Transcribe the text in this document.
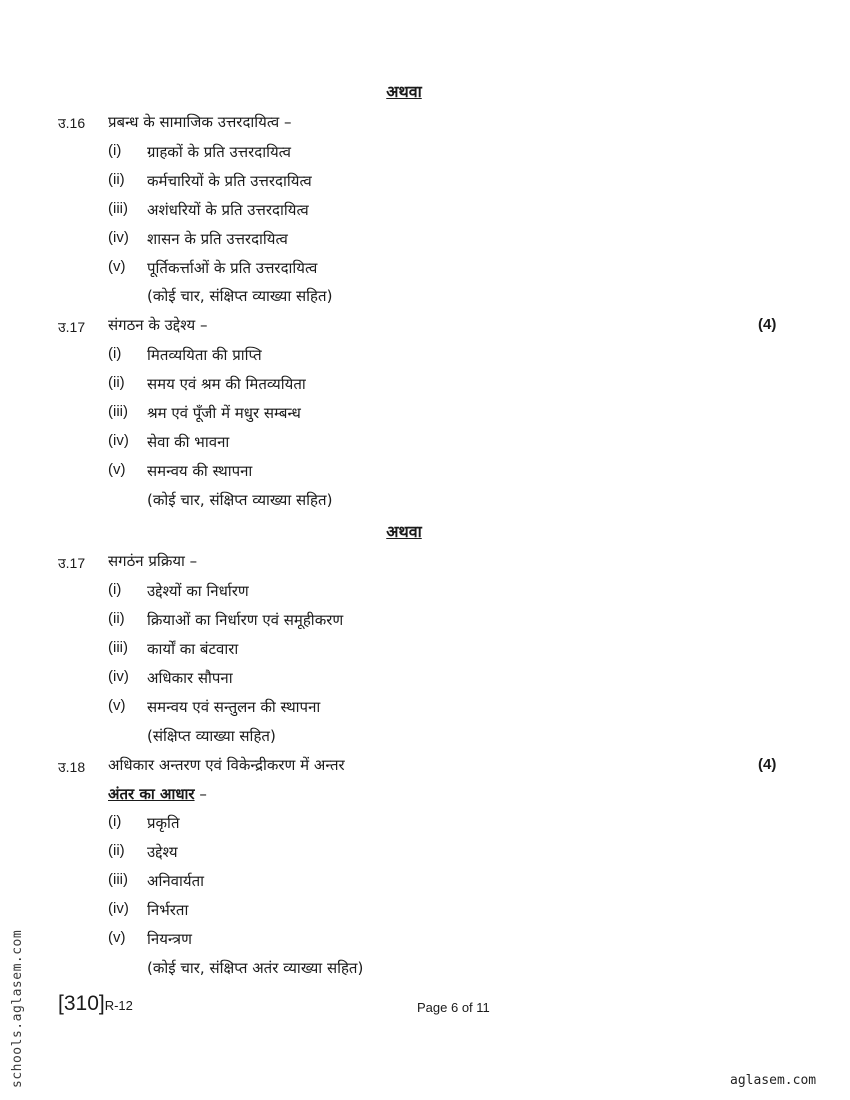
अथवा
उ.16 प्रबन्ध के सामाजिक उत्तरदायित्व –
(i) ग्राहकों के प्रति उत्तरदायित्व
(ii) कर्मचारियों के प्रति उत्तरदायित्व
(iii) अशंधरियों के प्रति उत्तरदायित्व
(iv) शासन के प्रति उत्तरदायित्व
(v) पूर्तिकर्त्ताओं के प्रति उत्तरदायित्व
(कोई चार, संक्षिप्त व्याख्या सहित)
उ.17 संगठन के उद्देश्य –	(4)
(i) मितव्ययिता की प्राप्ति
(ii) समय एवं श्रम की मितव्ययिता
(iii) श्रम एवं पूँजी में मधुर सम्बन्ध
(iv) सेवा की भावना
(v) समन्वय की स्थापना
(कोई चार, संक्षिप्त व्याख्या सहित)
अथवा
उ.17 सगठंन प्रक्रिया –
(i) उद्देश्यों का निर्धारण
(ii) क्रियाओं का निर्धारण एवं समूहीकरण
(iii) कार्यों का बंटवारा
(iv) अधिकार सौपना
(v) समन्वय एवं सन्तुलन की स्थापना
(संक्षिप्त व्याख्या सहित)
उ.18 अधिकार अन्तरण एवं विकेन्द्रीकरण में अन्तर	(4)
अंतर का आधार –
(i) प्रकृति
(ii) उद्देश्य
(iii) अनिवार्यता
(iv) निर्भरता
(v) नियन्त्रण
(कोई चार, संक्षिप्त अतंर व्याख्या सहित)
[310]R-12	Page 6 of 11
schools.aglasem.com	aglasem.com
